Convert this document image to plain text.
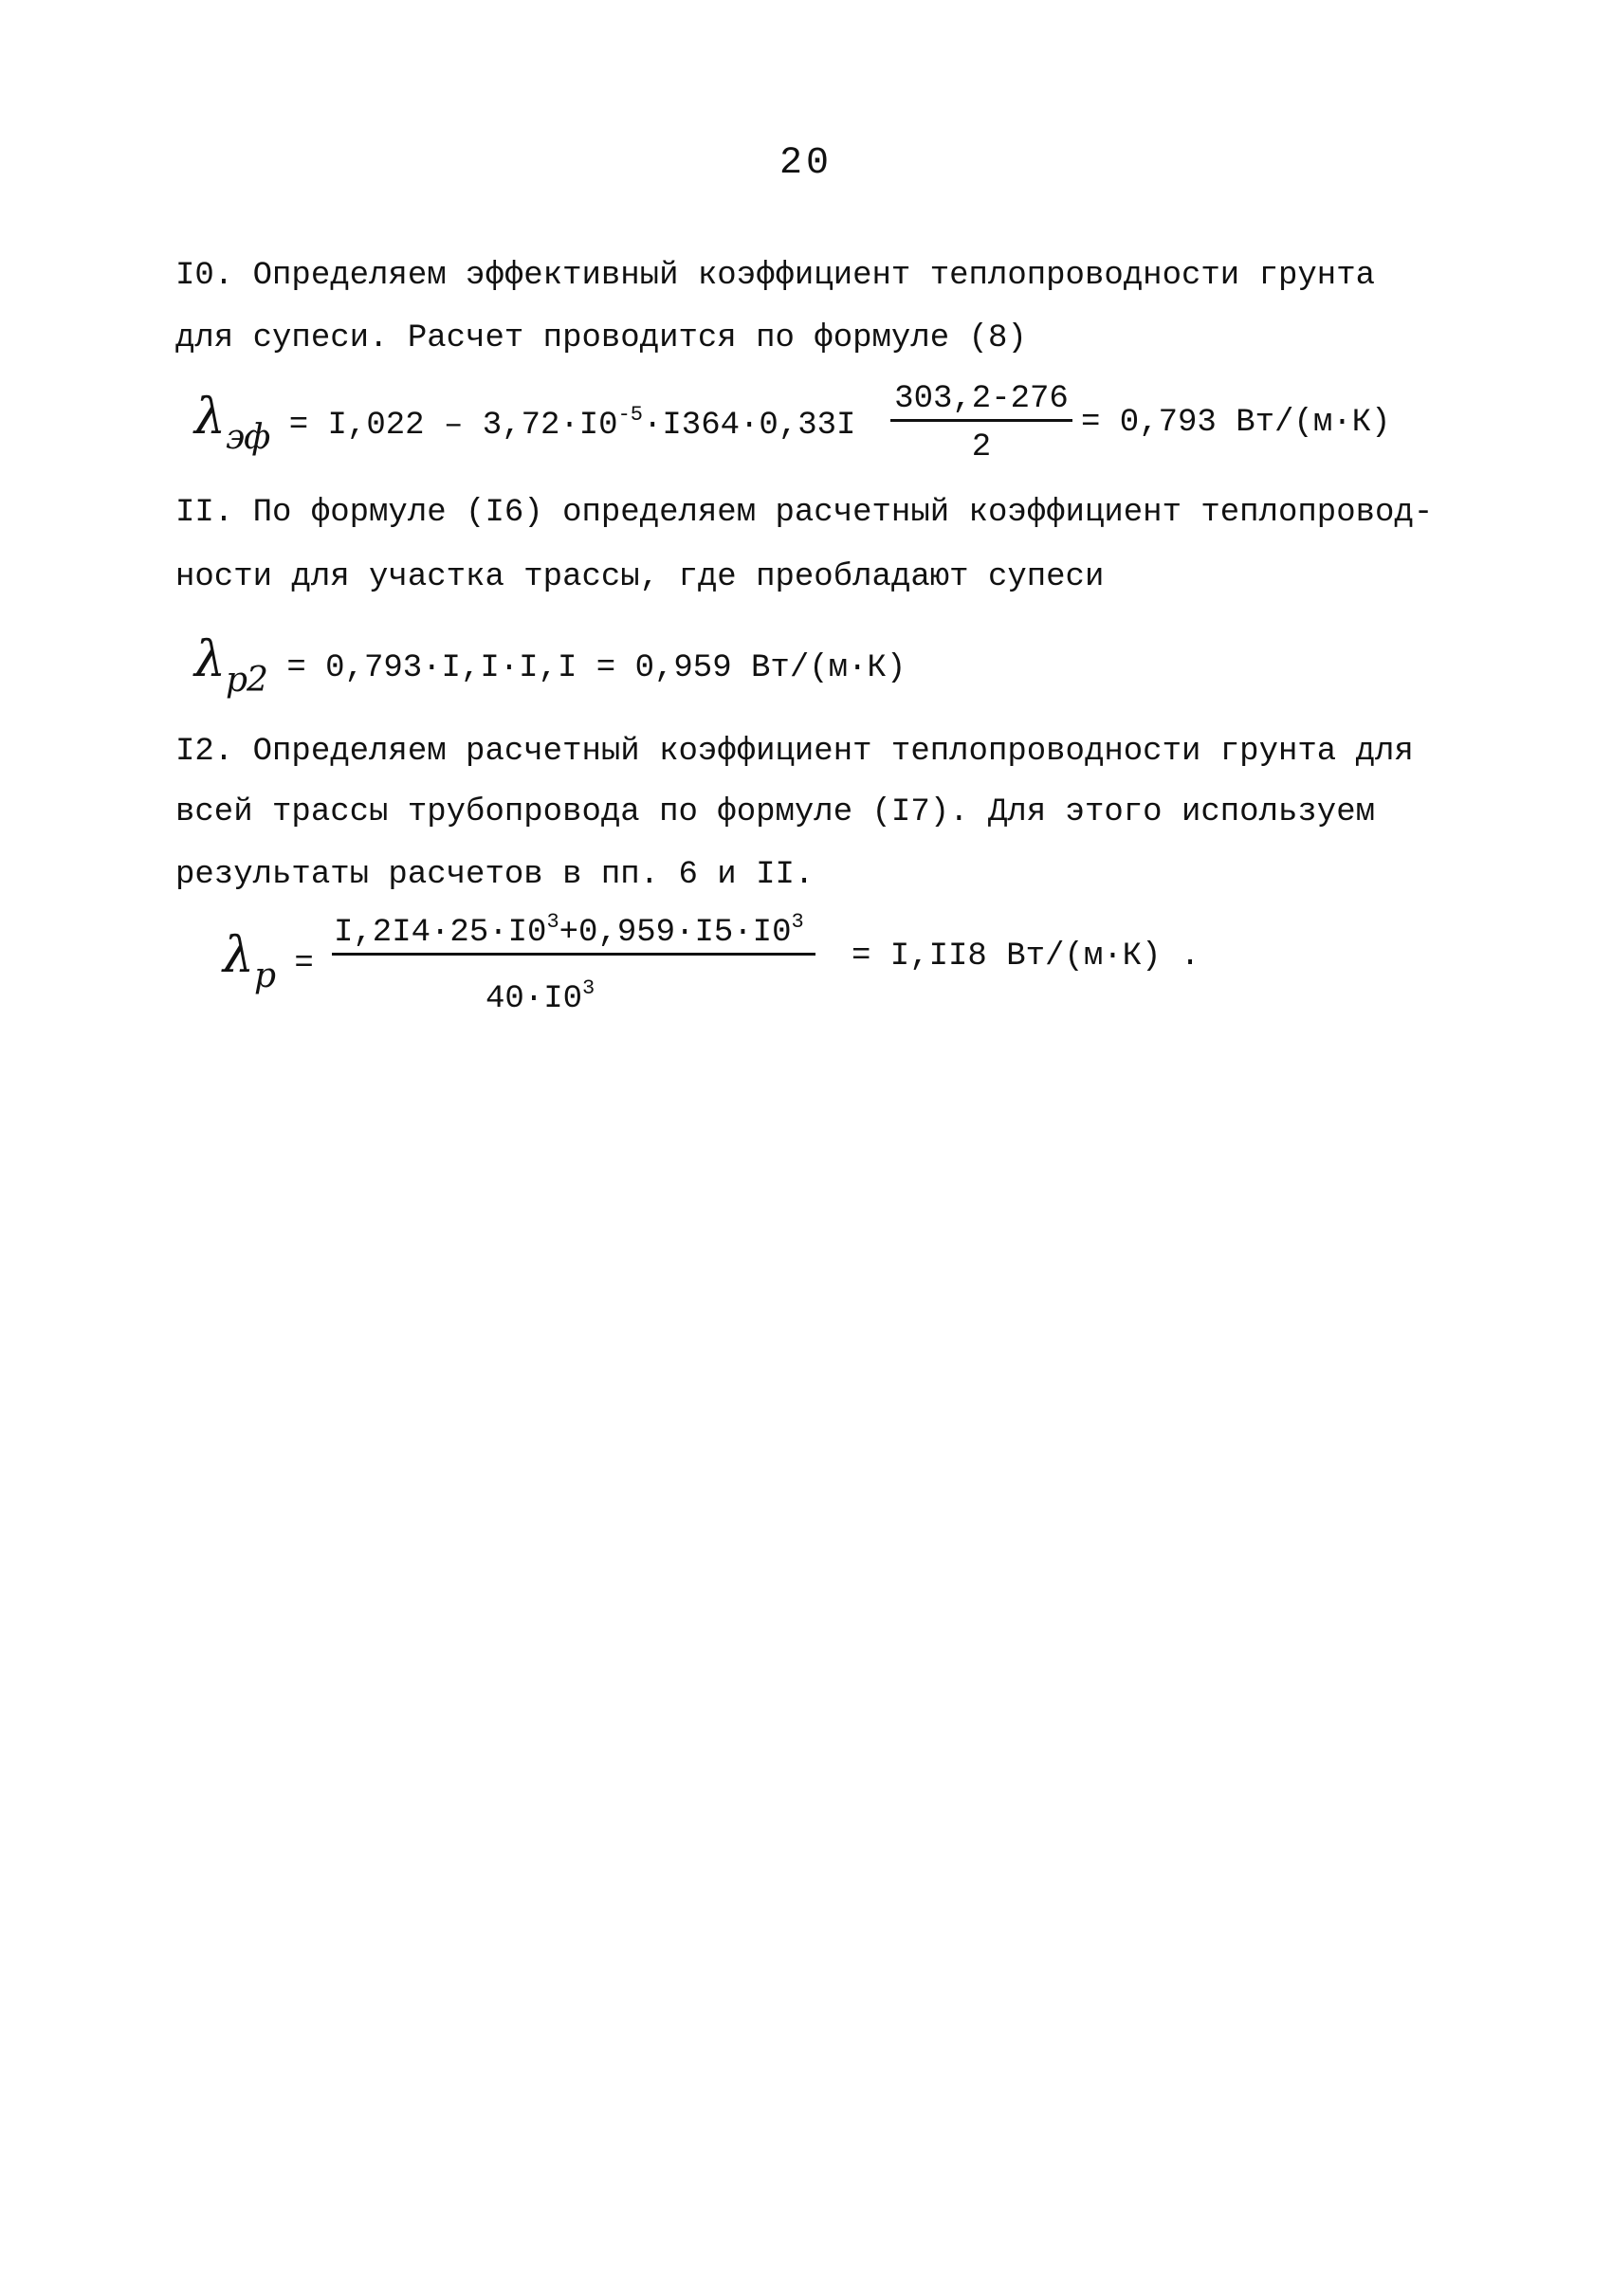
20
I0. Определяем эффективный коэффициент теплопроводности грунта
для супеси. Расчет проводится по формуле (8)
$\lambda_{эф} = I,022 - 3,72\cdot I0^{-5}\cdot I364\cdot 0,33I \frac{303,2-276}{2} = 0,793$ Вт/(м·К)
II. По формуле (I6) определяем расчетный коэффициент теплопровод-
ности для участка трассы, где преобладают супеси
$\lambda_{p2} = 0,793\cdot I,I\cdot I,I = 0,959$ Вт/(м·К)
I2. Определяем расчетный коэффициент теплопроводности грунта для
всей трассы трубопровода по формуле (I7). Для этого используем
результаты расчетов в пп. 6 и II.
$\lambda_p$ =
$I,2I4\cdot 25\cdot I0^3+0,959\cdot I5\cdot I0^3$
$40\cdot I0^3$
= I,II8 Вт/(м·К) .
